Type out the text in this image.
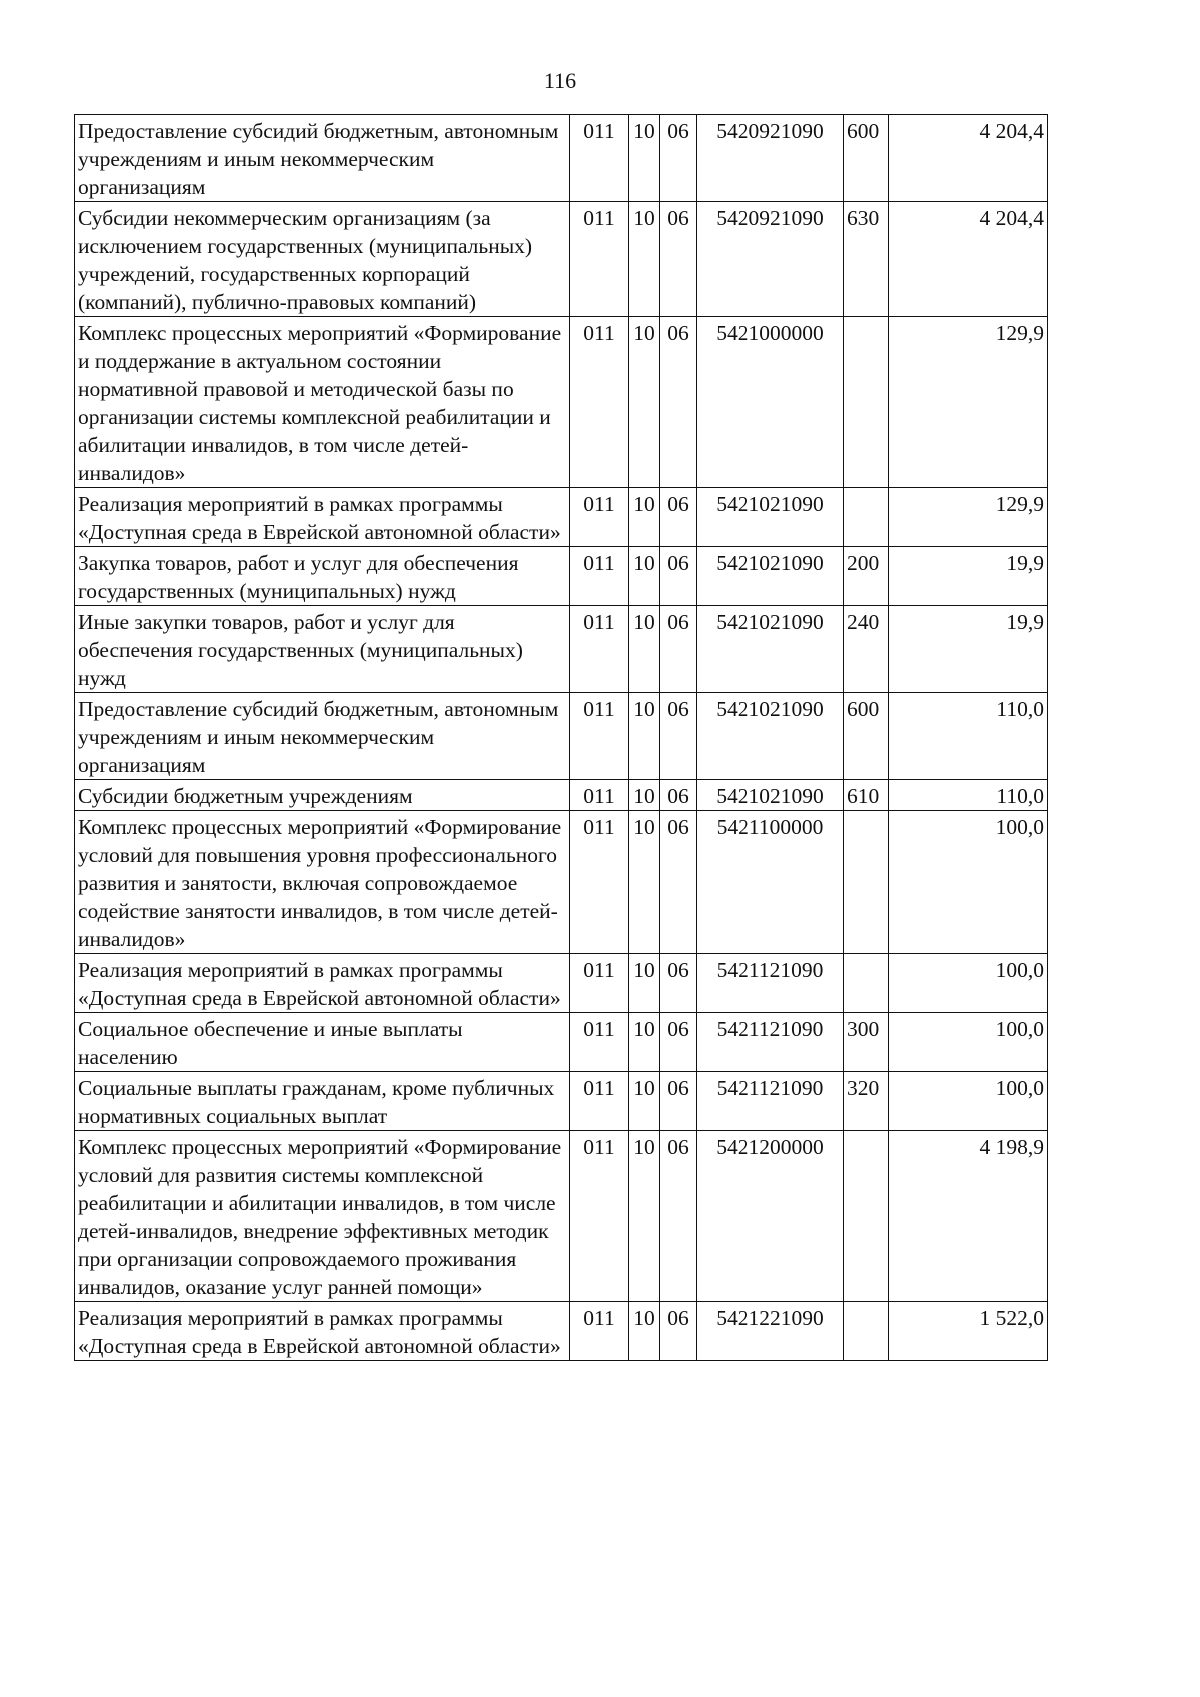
116
Предоставление субсидий бюджетным, автономным учреждениям и иным некоммерческим организациям	011	10	06	5420921090	600	4 204,4
Субсидии некоммерческим организациям (за исключением государственных (муниципальных) учреждений, государственных корпораций (компаний), публично-правовых компаний)	011	10	06	5420921090	630	4 204,4
Комплекс процессных мероприятий «Формирование и поддержание в актуальном состоянии нормативной правовой и методической базы по организации системы комплексной реабилитации и абилитации инвалидов, в том числе детей-инвалидов»	011	10	06	5421000000		129,9
Реализация мероприятий в рамках программы «Доступная среда в Еврейской автономной области»	011	10	06	5421021090		129,9
Закупка товаров, работ и услуг для обеспечения государственных (муниципальных) нужд	011	10	06	5421021090	200	19,9
Иные закупки товаров, работ и услуг для обеспечения государственных (муниципальных) нужд	011	10	06	5421021090	240	19,9
Предоставление субсидий бюджетным, автономным учреждениям и иным некоммерческим организациям	011	10	06	5421021090	600	110,0
Субсидии бюджетным учреждениям	011	10	06	5421021090	610	110,0
Комплекс процессных мероприятий «Формирование условий для повышения уровня профессионального развития и занятости, включая сопровождаемое содействие занятости инвалидов, в том числе детей-инвалидов»	011	10	06	5421100000		100,0
Реализация мероприятий в рамках программы «Доступная среда в Еврейской автономной области»	011	10	06	5421121090		100,0
Социальное обеспечение и иные выплаты населению	011	10	06	5421121090	300	100,0
Социальные выплаты гражданам, кроме публичных нормативных социальных выплат	011	10	06	5421121090	320	100,0
Комплекс процессных мероприятий «Формирование условий для развития системы комплексной реабилитации и абилитации инвалидов, в том числе детей-инвалидов, внедрение эффективных методик при организации сопровождаемого проживания инвалидов, оказание услуг ранней помощи»	011	10	06	5421200000		4 198,9
Реализация мероприятий в рамках программы «Доступная среда в Еврейской автономной области»	011	10	06	5421221090		1 522,0
